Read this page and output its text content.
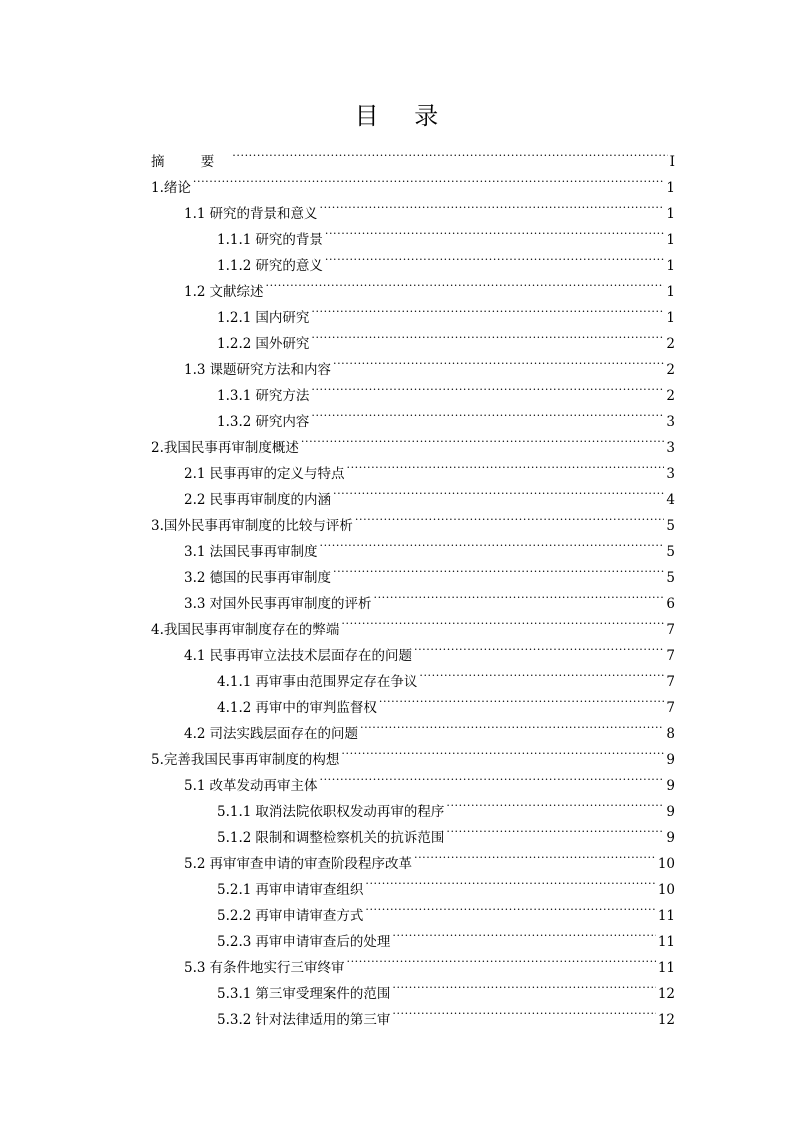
目 录
摘 要 .....	I
1. 绪论 .....	1
1.1 研究的背景和意义 .....	1
1.1.1 研究的背景 .....	1
1.1.2 研究的意义 .....	1
1.2 文献综述 .....	1
1.2.1 国内研究 .....	1
1.2.2 国外研究 .....	2
1.3 课题研究方法和内容 .....	2
1.3.1 研究方法 .....	2
1.3.2 研究内容 .....	3
2. 我国民事再审制度概述 .....	3
2.1 民事再审的定义与特点 .....	3
2.2 民事再审制度的内涵 .....	4
3. 国外民事再审制度的比较与评析 .....	5
3.1 法国民事再审制度 .....	5
3.2 德国的民事再审制度 .....	5
3.3 对国外民事再审制度的评析 .....	6
4. 我国民事再审制度存在的弊端 .....	7
4.1 民事再审立法技术层面存在的问题 .....	7
4.1.1 再审事由范围界定存在争议 .....	7
4.1.2 再审中的审判监督权 .....	7
4.2 司法实践层面存在的问题 .....	8
5. 完善我国民事再审制度的构想 .....	9
5.1 改革发动再审主体 .....	9
5.1.1 取消法院依职权发动再审的程序 .....	9
5.1.2 限制和调整检察机关的抗诉范围 .....	9
5.2 再审审查申请的审查阶段程序改革 .....	10
5.2.1 再审申请审查组织 .....	10
5.2.2 再审申请审查方式 .....	11
5.2.3 再审申请审查后的处理 .....	11
5.3 有条件地实行三审终审 .....	11
5.3.1 第三审受理案件的范围 .....	12
5.3.2 针对法律适用的第三审 .....	12
